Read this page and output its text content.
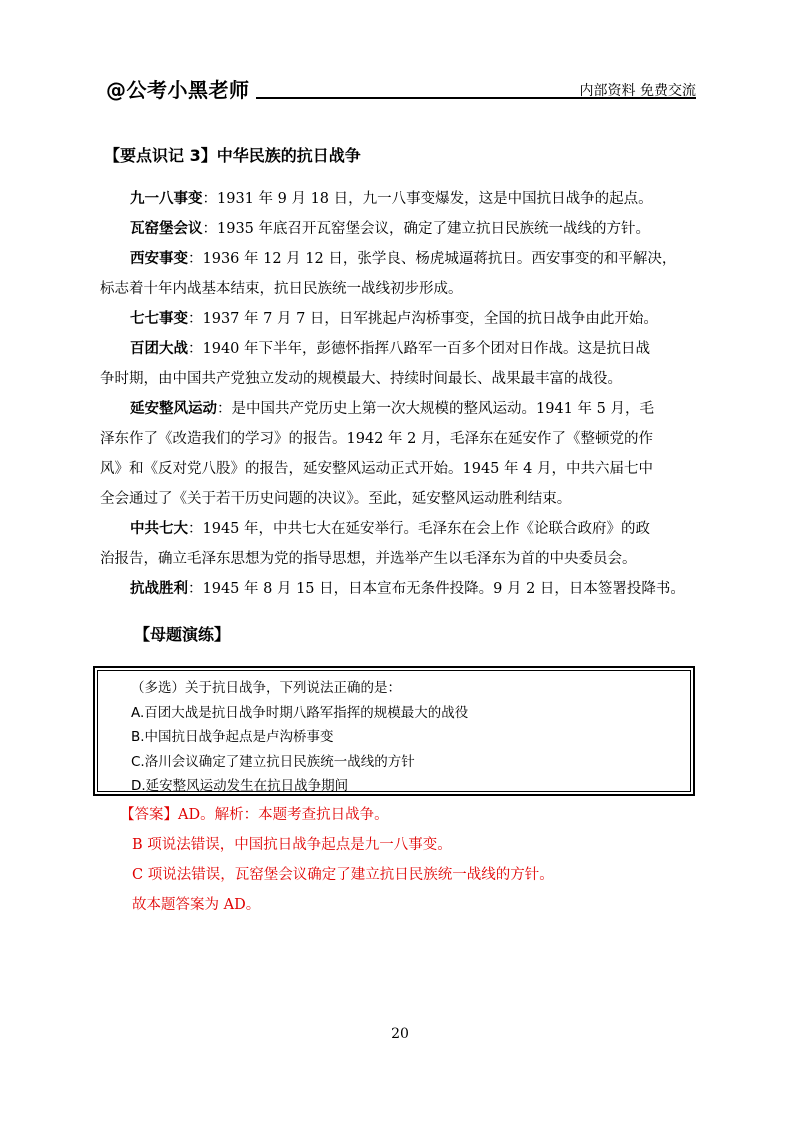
@公考小黑老师	内部资料 免费交流
【要点识记 3】中华民族的抗日战争
九一八事变：1931 年 9 月 18 日，九一八事变爆发，这是中国抗日战争的起点。
瓦窑堡会议：1935 年底召开瓦窑堡会议，确定了建立抗日民族统一战线的方针。
西安事变：1936 年 12 月 12 日，张学良、杨虎城逼蒋抗日。西安事变的和平解决，
标志着十年内战基本结束，抗日民族统一战线初步形成。
七七事变：1937 年 7 月 7 日，日军挑起卢沟桥事变，全国的抗日战争由此开始。
百团大战：1940 年下半年，彭德怀指挥八路军一百多个团对日作战。这是抗日战
争时期，由中国共产党独立发动的规模最大、持续时间最长、战果最丰富的战役。
延安整风运动：是中国共产党历史上第一次大规模的整风运动。1941 年 5 月，毛
泽东作了《改造我们的学习》的报告。1942 年 2 月，毛泽东在延安作了《整顿党的作
风》和《反对党八股》的报告，延安整风运动正式开始。1945 年 4 月，中共六届七中
全会通过了《关于若干历史问题的决议》。至此，延安整风运动胜利结束。
中共七大：1945 年，中共七大在延安举行。毛泽东在会上作《论联合政府》的政
治报告，确立毛泽东思想为党的指导思想，并选举产生以毛泽东为首的中央委员会。
抗战胜利：1945 年 8 月 15 日，日本宣布无条件投降。9 月 2 日，日本签署投降书。
【母题演练】
（多选）关于抗日战争，下列说法正确的是：
A.百团大战是抗日战争时期八路军指挥的规模最大的战役
B.中国抗日战争起点是卢沟桥事变
C.洛川会议确定了建立抗日民族统一战线的方针
D.延安整风运动发生在抗日战争期间
【答案】AD。解析：本题考查抗日战争。
B 项说法错误，中国抗日战争起点是九一八事变。
C 项说法错误，瓦窑堡会议确定了建立抗日民族统一战线的方针。
故本题答案为 AD。
20
